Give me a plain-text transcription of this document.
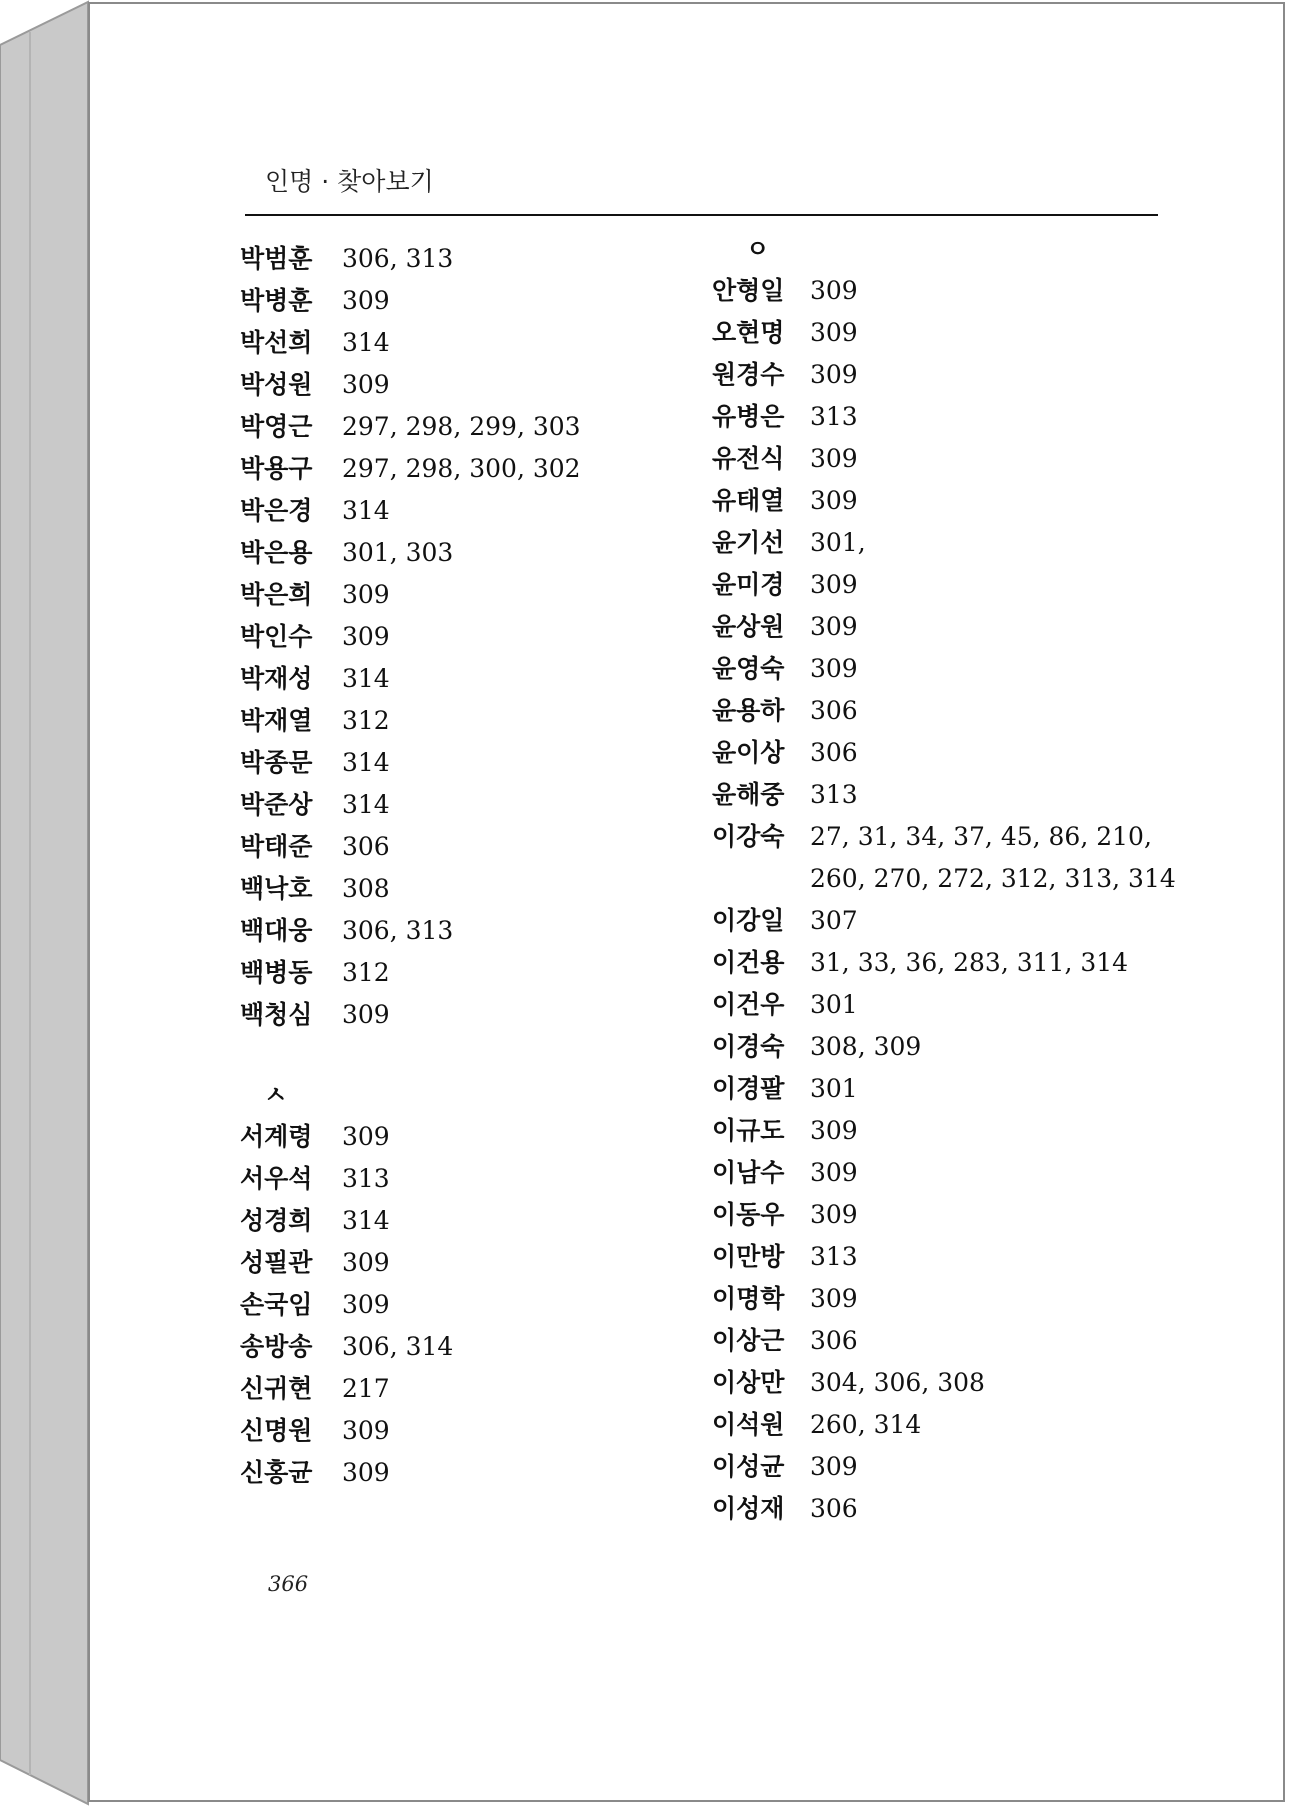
인명 · 찾아보기
박범훈 306, 313
박병훈 309
박선희 314
박성원 309
박영근 297, 298, 299, 303
박용구 297, 298, 300, 302
박은경 314
박은용 301, 303
박은희 309
박인수 309
박재성 314
박재열 312
박종문 314
박준상 314
박태준 306
백낙호 308
백대웅 306, 313
백병동 312
백청심 309
ㅅ
서계령 309
서우석 313
성경희 314
성필관 309
손국임 309
송방송 306, 314
신귀현 217
신명원 309
신홍균 309
ㅇ
안형일 309
오현명 309
원경수 309
유병은 313
유전식 309
유태열 309
윤기선 301,
윤미경 309
윤상원 309
윤영숙 309
윤용하 306
윤이상 306
윤해중 313
이강숙 27, 31, 34, 37, 45, 86, 210,
260, 270, 272, 312, 313, 314
이강일 307
이건용 31, 33, 36, 283, 311, 314
이건우 301
이경숙 308, 309
이경팔 301
이규도 309
이남수 309
이동우 309
이만방 313
이명학 309
이상근 306
이상만 304, 306, 308
이석원 260, 314
이성균 309
이성재 306
366
